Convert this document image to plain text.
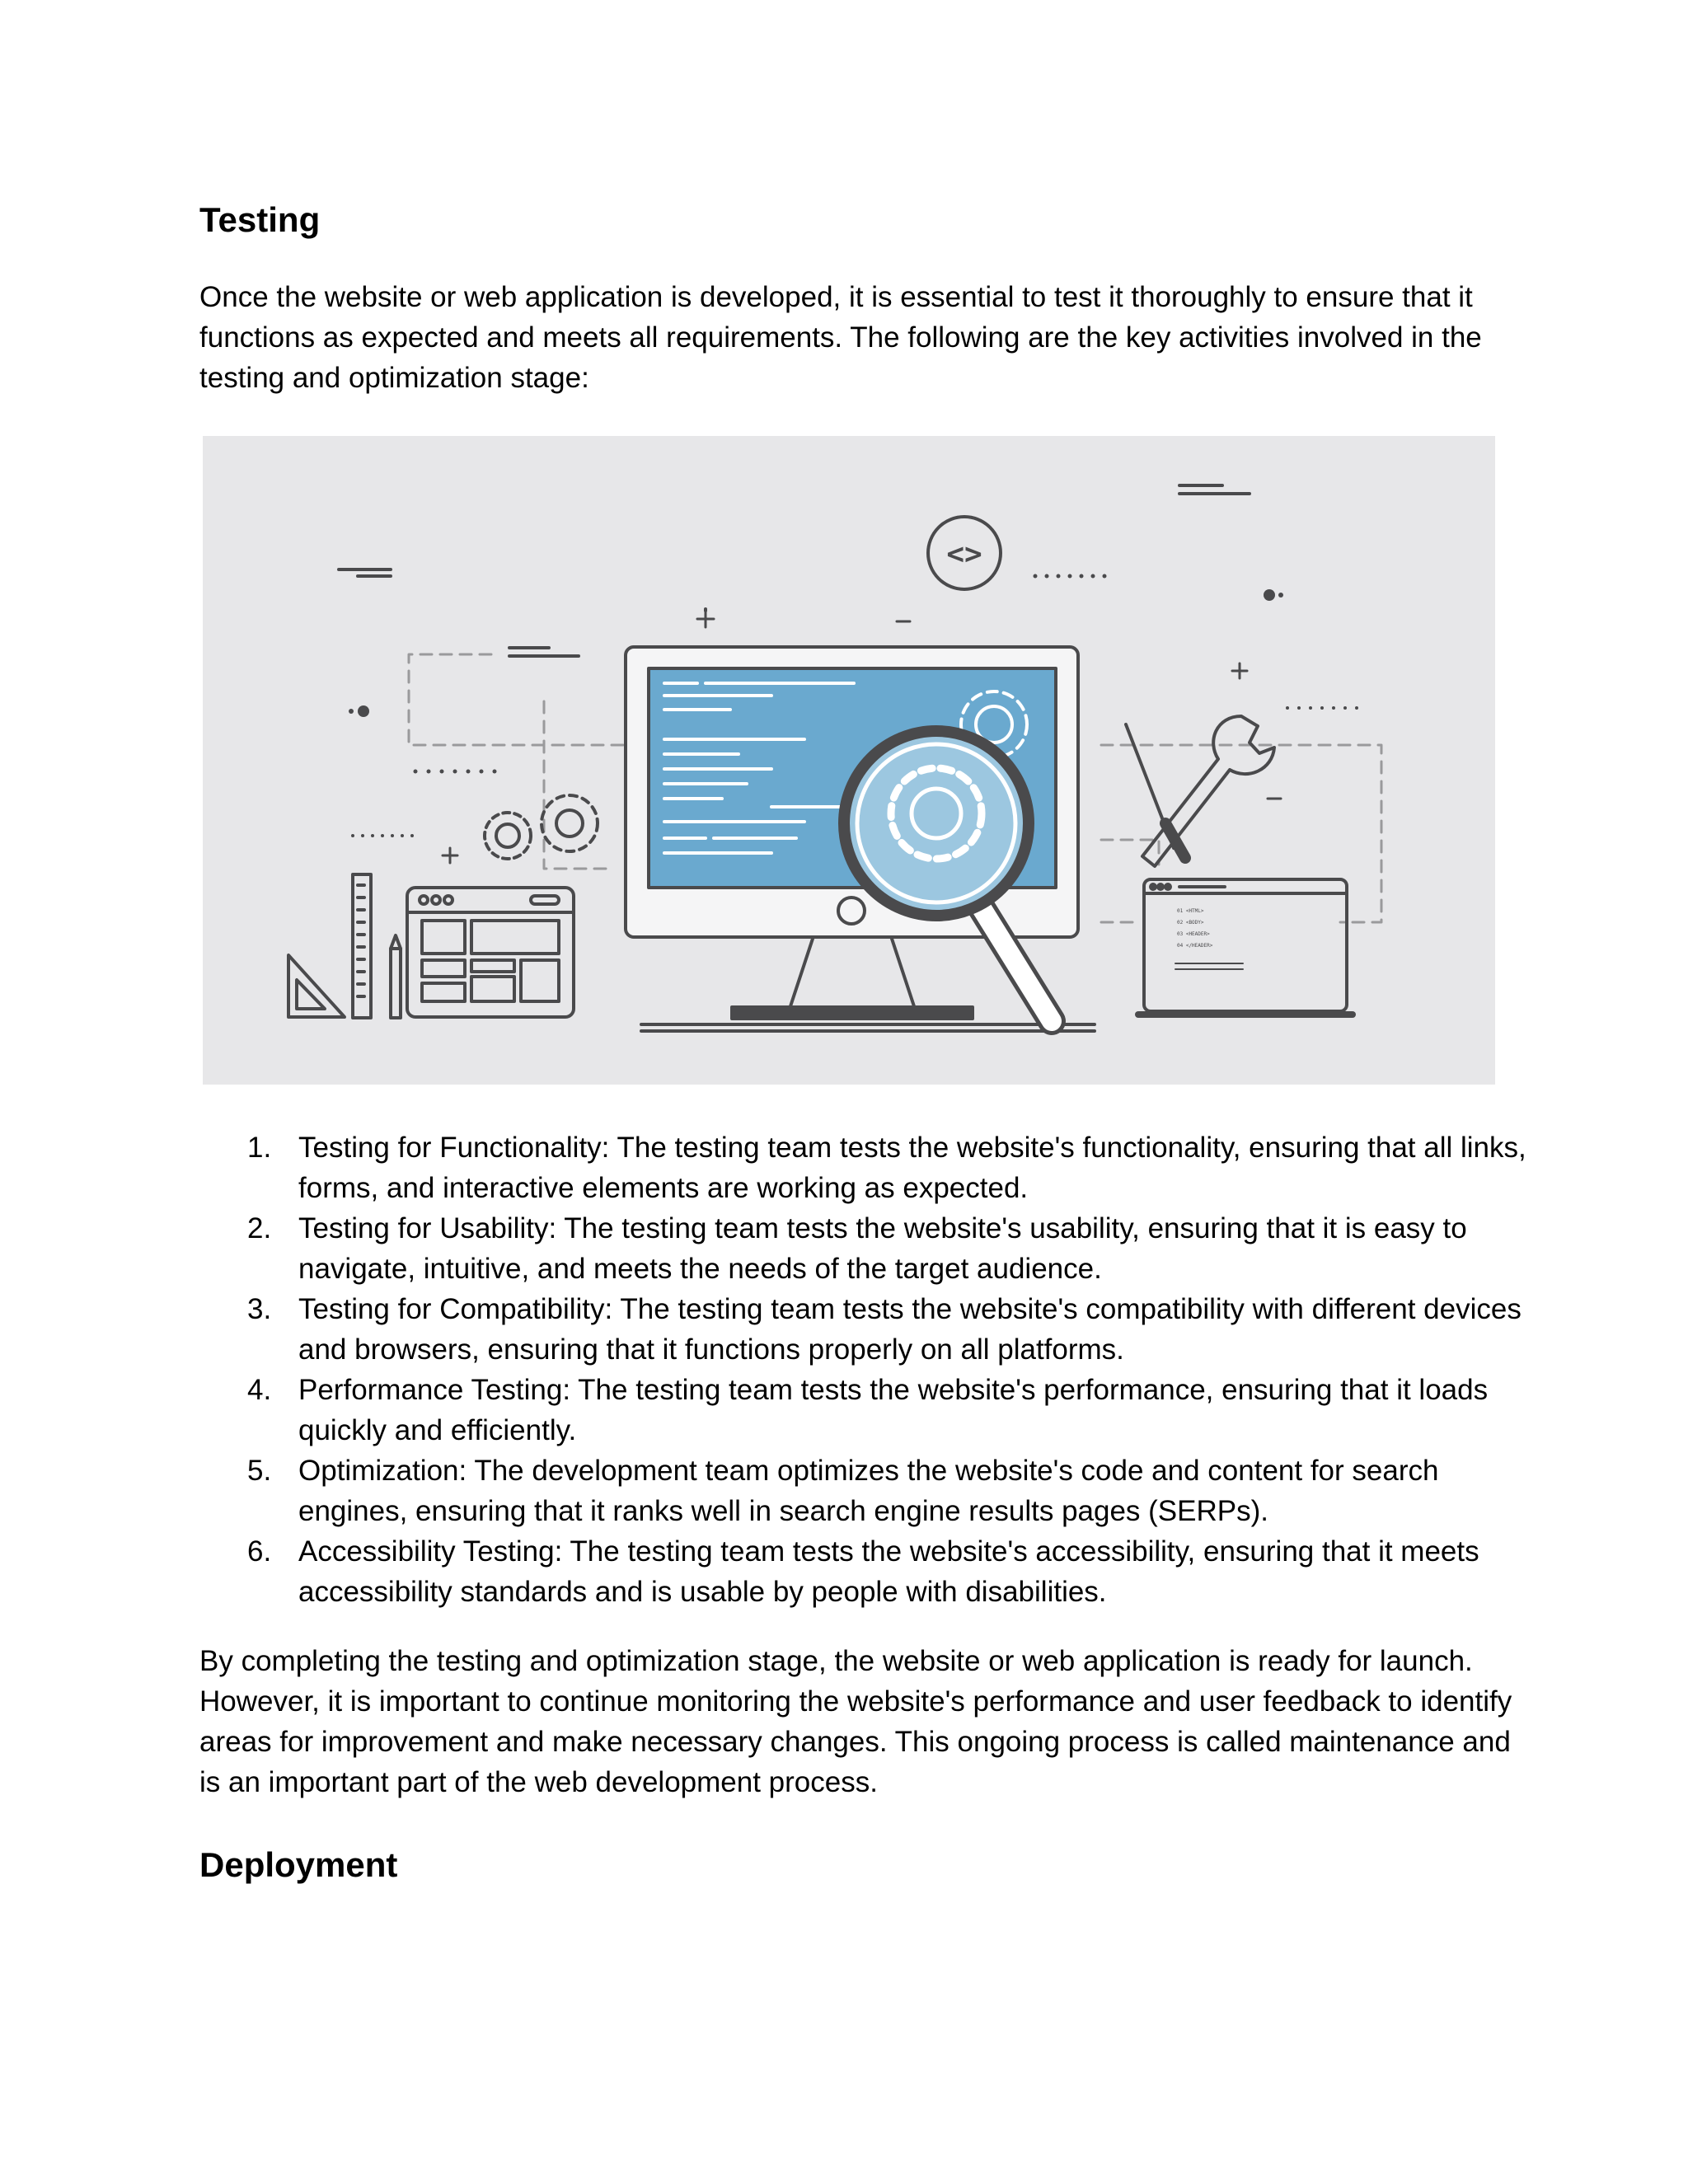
Testing

Once the website or web application is developed, it is essential to test it thoroughly to ensure that it functions as expected and meets all requirements. The following are the key activities involved in the testing and optimization stage:

<>
01 <HTML>
02 <BODY>
03 <HEADER>
04 </HEADER>
1. Testing for Functionality: The testing team tests the website's functionality, ensuring that all links, forms, and interactive elements are working as expected.
2. Testing for Usability: The testing team tests the website's usability, ensuring that it is easy to navigate, intuitive, and meets the needs of the target audience.
3. Testing for Compatibility: The testing team tests the website's compatibility with different devices and browsers, ensuring that it functions properly on all platforms.
4. Performance Testing: The testing team tests the website's performance, ensuring that it loads quickly and efficiently.
5. Optimization: The development team optimizes the website's code and content for search engines, ensuring that it ranks well in search engine results pages (SERPs).
6. Accessibility Testing: The testing team tests the website's accessibility, ensuring that it meets accessibility standards and is usable by people with disabilities.

By completing the testing and optimization stage, the website or web application is ready for launch. However, it is important to continue monitoring the website's performance and user feedback to identify areas for improvement and make necessary changes. This ongoing process is called maintenance and is an important part of the web development process.

Deployment
